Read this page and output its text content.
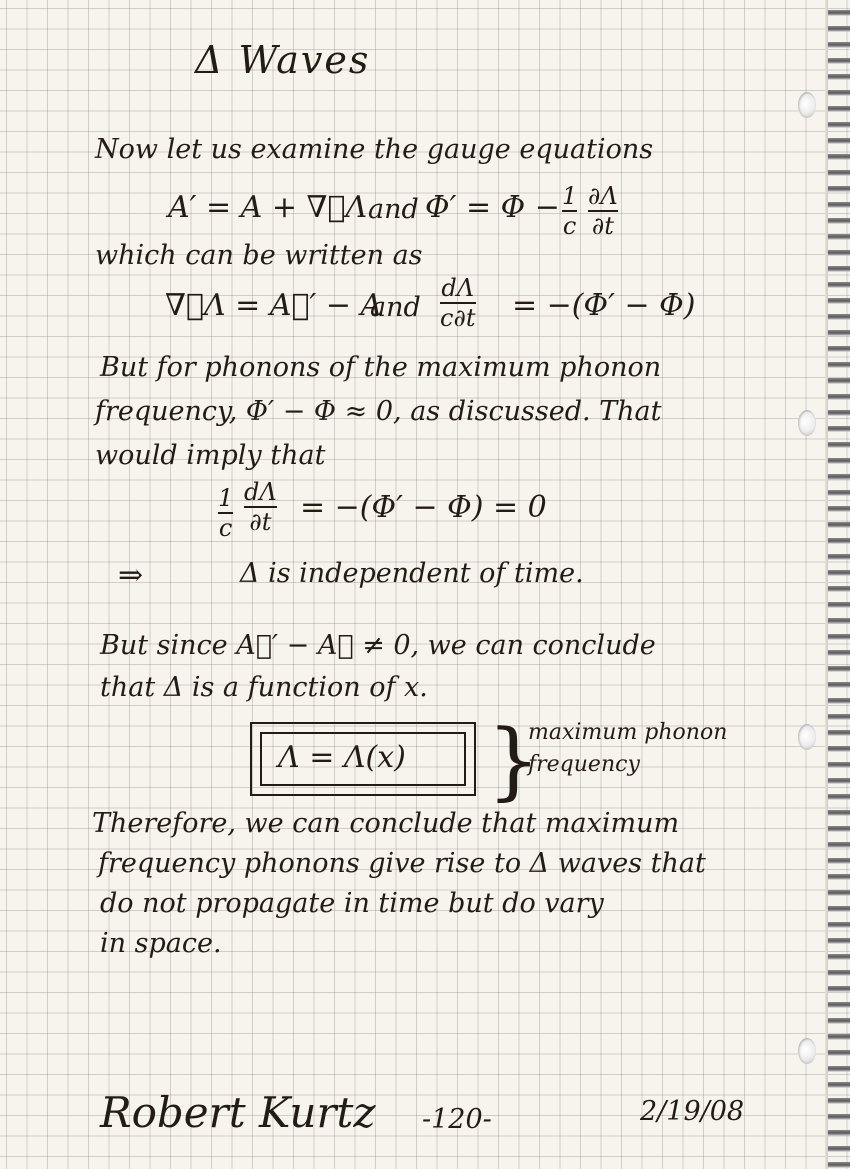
Δ Waves
Now let us examine the gauge equations
A′ = A + ∇⃗Λ and Φ′ = Φ − 1
c
∂Λ
∂t
which can be written as
∇⃗Λ = A⃗′ − A
and
dΛ
c∂t = −(Φ′ − Φ)
But for phonons of the maximum phonon
frequency, Φ′ − Φ ≈ 0, as discussed. That
would imply that
1
c
dΛ
∂t = −(Φ′ − Φ) = 0
⇒	Δ is independent of time.
But since A⃗′ − A⃗ ≠ 0, we can conclude
that Δ is a function of x.
Λ = Λ(x) }
maximum phonon
frequency
Therefore, we can conclude that maximum
frequency phonons give rise to Δ waves that
do not propagate in time but do vary
in space.
Robert Kurtz -120-	2/19/08
